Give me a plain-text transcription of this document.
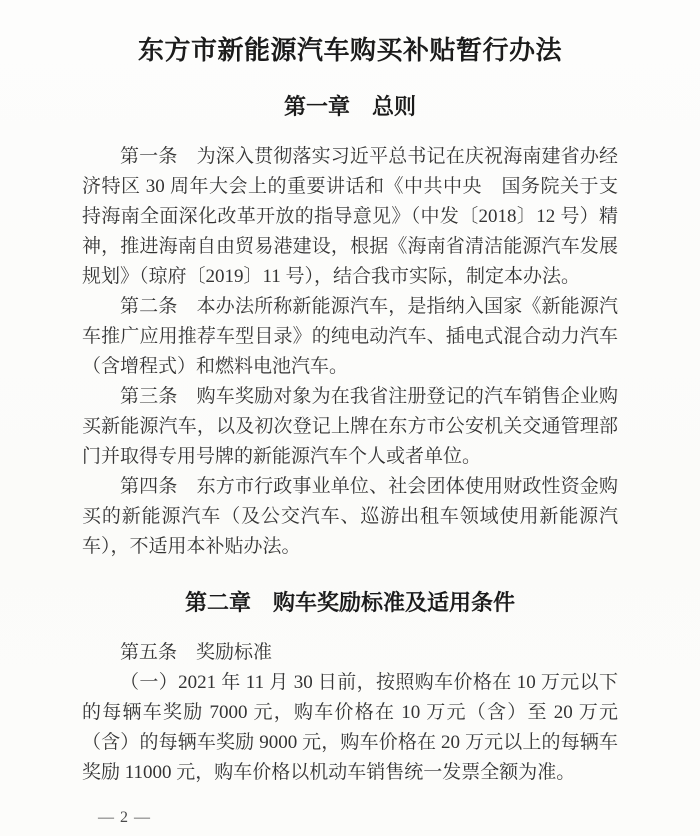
东方市新能源汽车购买补贴暂行办法
第一章　总则

第一条　为深入贯彻落实习近平总书记在庆祝海南建省办经济特区 30 周年大会上的重要讲话和《中共中央　国务院关于支持海南全面深化改革开放的指导意见》（中发〔2018〕12 号）精神，推进海南自由贸易港建设，根据《海南省清洁能源汽车发展规划》（琼府〔2019〕11 号），结合我市实际，制定本办法。

第二条　本办法所称新能源汽车，是指纳入国家《新能源汽车推广应用推荐车型目录》的纯电动汽车、插电式混合动力汽车（含增程式）和燃料电池汽车。

第三条　购车奖励对象为在我省注册登记的汽车销售企业购买新能源汽车，以及初次登记上牌在东方市公安机关交通管理部门并取得专用号牌的新能源汽车个人或者单位。

第四条　东方市行政事业单位、社会团体使用财政性资金购买的新能源汽车（及公交汽车、巡游出租车领域使用新能源汽车），不适用本补贴办法。

第二章　购车奖励标准及适用条件

第五条　奖励标准

（一）2021 年 11 月 30 日前，按照购车价格在 10 万元以下的每辆车奖励 7000 元，购车价格在 10 万元（含）至 20 万元（含）的每辆车奖励 9000 元，购车价格在 20 万元以上的每辆车奖励 11000 元，购车价格以机动车销售统一发票全额为准。

— 2 —
